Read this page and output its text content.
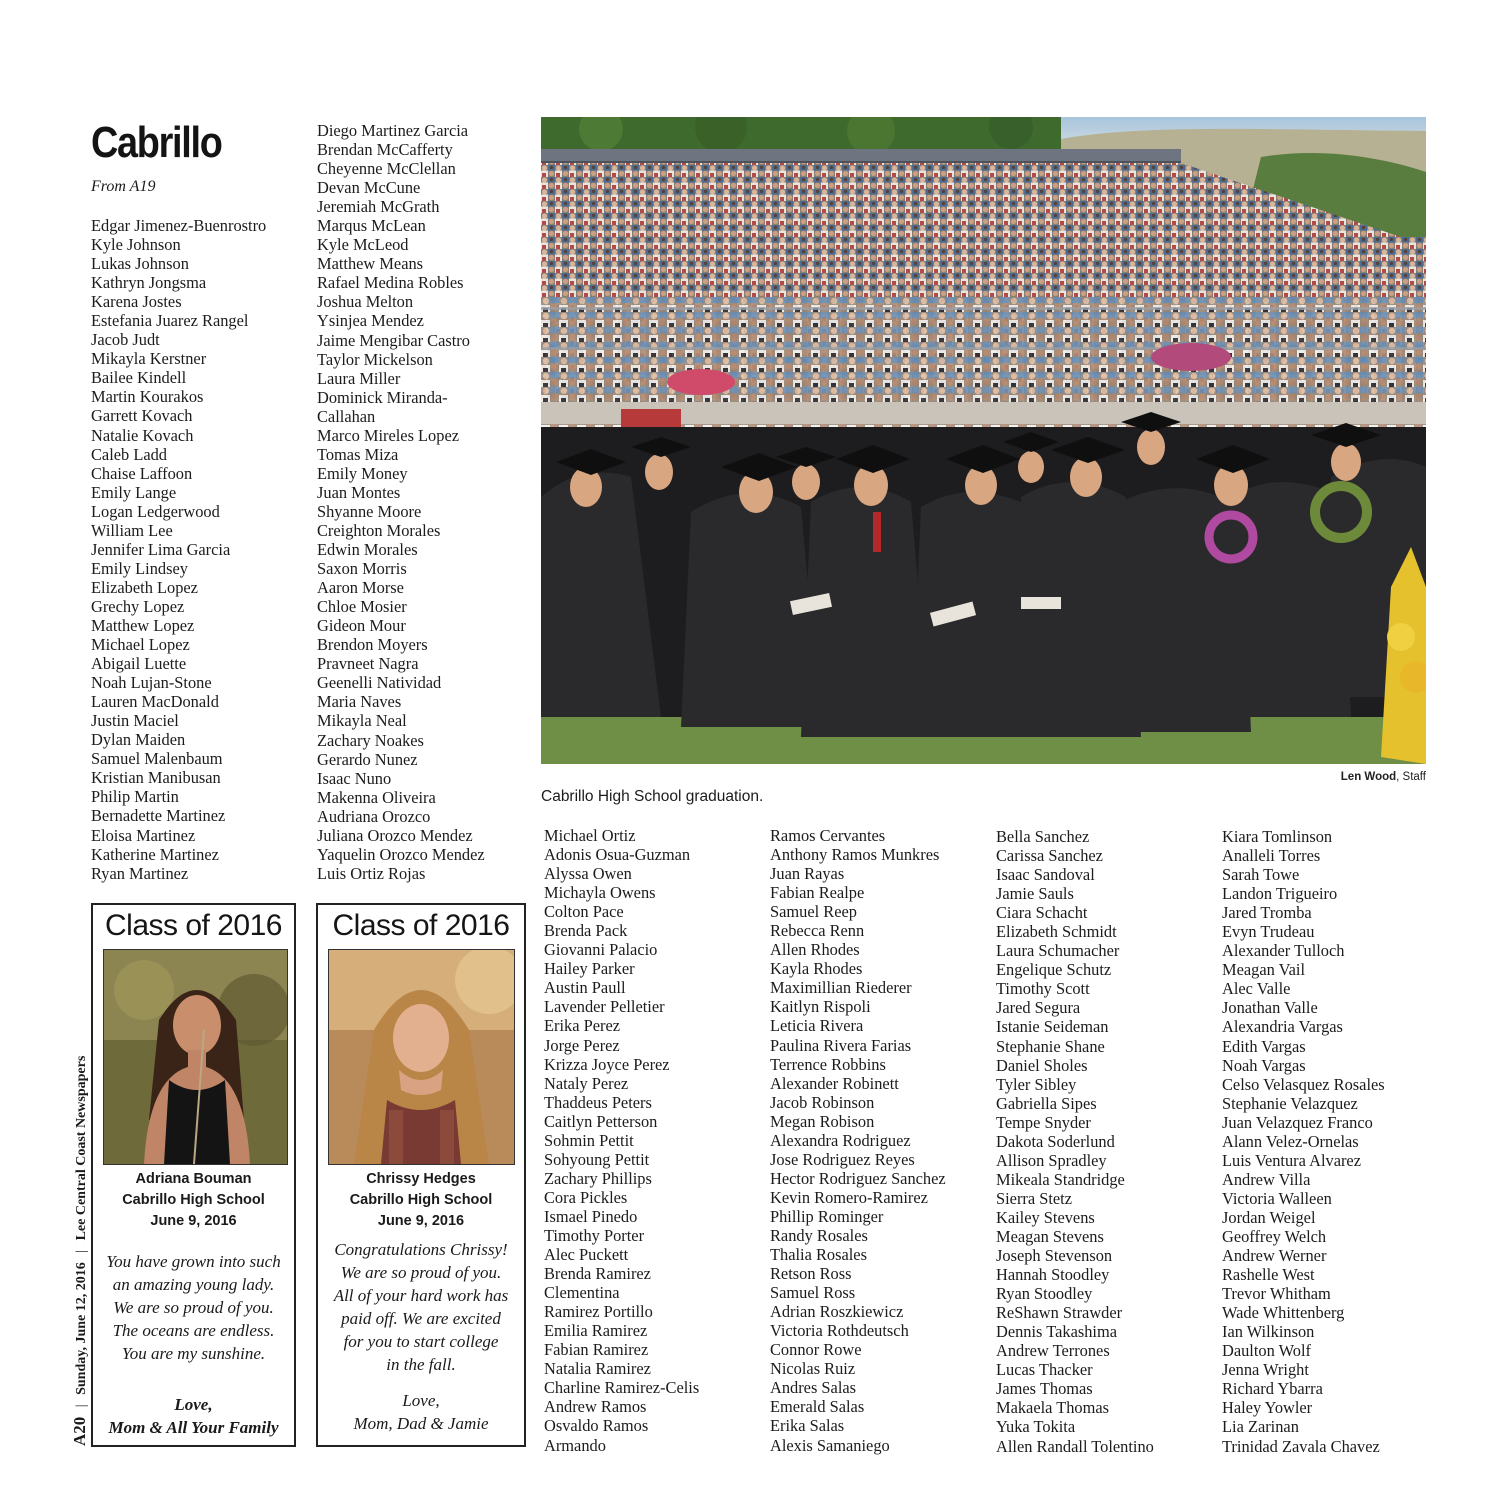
Cabrillo
From A19
Edgar Jimenez-Buenrostro
Kyle Johnson
Lukas Johnson
Kathryn Jongsma
Karena Jostes
Estefania Juarez Rangel
Jacob Judt
Mikayla Kerstner
Bailee Kindell
Martin Kourakos
Garrett Kovach
Natalie Kovach
Caleb Ladd
Chaise Laffoon
Emily Lange
Logan Ledgerwood
William Lee
Jennifer Lima Garcia
Emily Lindsey
Elizabeth Lopez
Grechy Lopez
Matthew Lopez
Michael Lopez
Abigail Luette
Noah Lujan-Stone
Lauren MacDonald
Justin Maciel
Dylan Maiden
Samuel Malenbaum
Kristian Manibusan
Philip Martin
Bernadette Martinez
Eloisa Martinez
Katherine Martinez
Ryan Martinez
Diego Martinez Garcia
Brendan McCafferty
Cheyenne McClellan
Devan McCune
Jeremiah McGrath
Marqus McLean
Kyle McLeod
Matthew Means
Rafael Medina Robles
Joshua Melton
Ysinjea Mendez
Jaime Mengibar Castro
Taylor Mickelson
Laura Miller
Dominick Miranda-
Callahan
Marco Mireles Lopez
Tomas Miza
Emily Money
Juan Montes
Shyanne Moore
Creighton Morales
Edwin Morales
Saxon Morris
Aaron Morse
Chloe Mosier
Gideon Mour
Brendon Moyers
Pravneet Nagra
Geenelli Natividad
Maria Naves
Mikayla Neal
Zachary Noakes
Gerardo Nunez
Isaac Nuno
Makenna Oliveira
Audriana Orozco
Juliana Orozco Mendez
Yaquelin Orozco Mendez
Luis Ortiz Rojas
Michael Ortiz
Adonis Osua-Guzman
Alyssa Owen
Michayla Owens
Colton Pace
Brenda Pack
Giovanni Palacio
Hailey Parker
Austin Paull
Lavender Pelletier
Erika Perez
Jorge Perez
Krizza Joyce Perez
Nataly Perez
Thaddeus Peters
Caitlyn Petterson
Sohmin Pettit
Sohyoung Pettit
Zachary Phillips
Cora Pickles
Ismael Pinedo
Timothy Porter
Alec Puckett
Brenda Ramirez
Clementina
Ramirez Portillo
Emilia Ramirez
Fabian Ramirez
Natalia Ramirez
Charline Ramirez-Celis
Andrew Ramos
Osvaldo Ramos
Armando
Ramos Cervantes
Anthony Ramos Munkres
Juan Rayas
Fabian Realpe
Samuel Reep
Rebecca Renn
Allen Rhodes
Kayla Rhodes
Maximillian Riederer
Kaitlyn Rispoli
Leticia Rivera
Paulina Rivera Farias
Terrence Robbins
Alexander Robinett
Jacob Robinson
Megan Robison
Alexandra Rodriguez
Jose Rodriguez Reyes
Hector Rodriguez Sanchez
Kevin Romero-Ramirez
Phillip Rominger
Randy Rosales
Thalia Rosales
Retson Ross
Samuel Ross
Adrian Roszkiewicz
Victoria Rothdeutsch
Connor Rowe
Nicolas Ruiz
Andres Salas
Emerald Salas
Erika Salas
Alexis Samaniego
Bella Sanchez
Carissa Sanchez
Isaac Sandoval
Jamie Sauls
Ciara Schacht
Elizabeth Schmidt
Laura Schumacher
Engelique Schutz
Timothy Scott
Jared Segura
Istanie Seideman
Stephanie Shane
Daniel Sholes
Tyler Sibley
Gabriella Sipes
Tempe Snyder
Dakota Soderlund
Allison Spradley
Mikeala Standridge
Sierra Stetz
Kailey Stevens
Meagan Stevens
Joseph Stevenson
Hannah Stoodley
Ryan Stoodley
ReShawn Strawder
Dennis Takashima
Andrew Terrones
Lucas Thacker
James Thomas
Makaela Thomas
Yuka Tokita
Allen Randall Tolentino
Kiara Tomlinson
Analleli Torres
Sarah Towe
Landon Trigueiro
Jared Tromba
Evyn Trudeau
Alexander Tulloch
Meagan Vail
Alec Valle
Jonathan Valle
Alexandria Vargas
Edith Vargas
Noah Vargas
Celso Velasquez Rosales
Stephanie Velazquez
Juan Velazquez Franco
Alann Velez-Ornelas
Luis Ventura Alvarez
Andrew Villa
Victoria Walleen
Jordan Weigel
Geoffrey Welch
Andrew Werner
Rashelle West
Trevor Whitham
Wade Whittenberg
Ian Wilkinson
Daulton Wolf
Jenna Wright
Richard Ybarra
Haley Yowler
Lia Zarinan
Trinidad Zavala Chavez
Len Wood, Staff
Cabrillo High School graduation.
Class of 2016
Adriana Bouman
Cabrillo High School
June 9, 2016
You have grown into such
an amazing young lady.
We are so proud of you.
The oceans are endless.
You are my sunshine.
Love,
Mom & All Your Family
Class of 2016
Chrissy Hedges
Cabrillo High School
June 9, 2016
Congratulations Chrissy!
We are so proud of you.
All of your hard work has
paid off. We are excited
for you to start college
in the fall.
Love,
Mom, Dad & Jamie
A20 | Sunday, June 12, 2016 | Lee Central Coast Newspapers
